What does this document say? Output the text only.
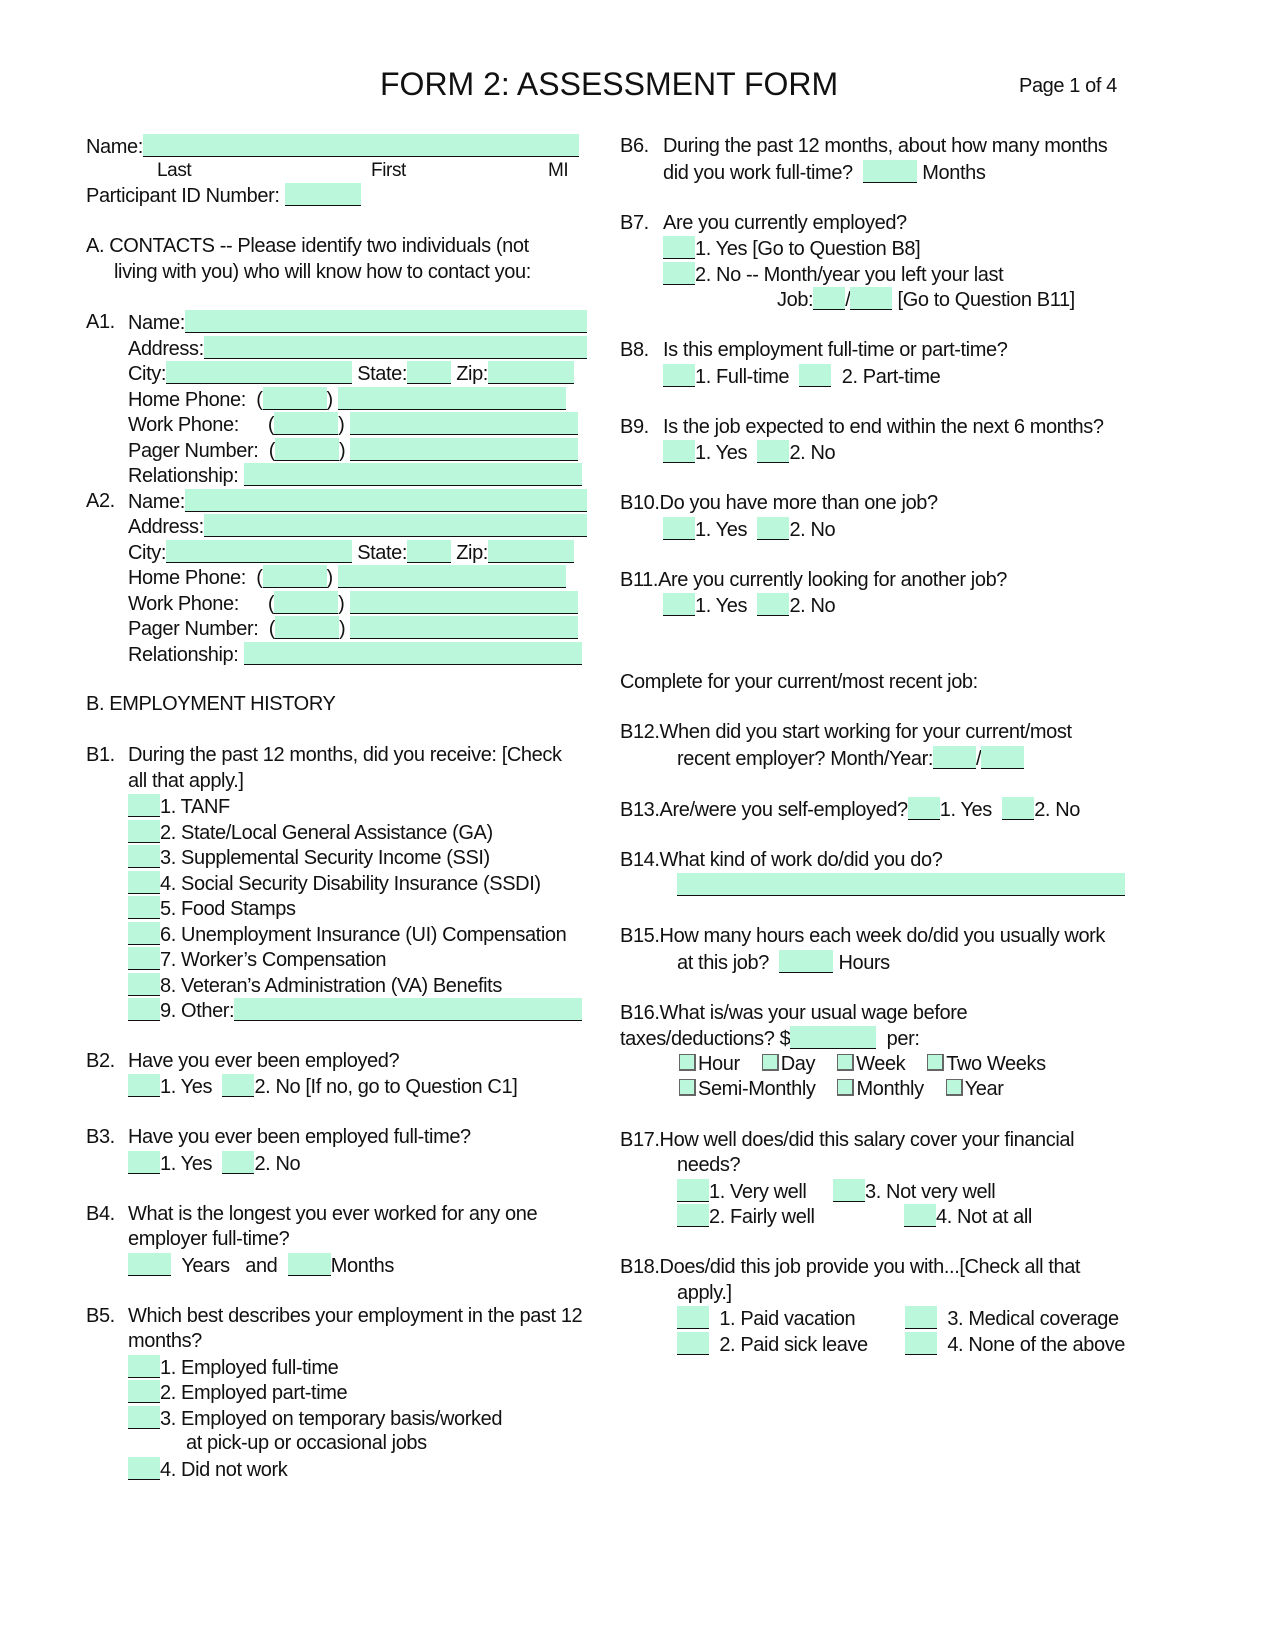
FORM 2: ASSESSMENT FORM	Page 1 of 4
Name:
Last	First	MI
Participant ID Number:
A. CONTACTS -- Please identify two individuals (not
living with you) who will know how to contact you:
A1. Name:
Address:
City:	State: Zip:
Home Phone: (	)
Work Phone: (	)
Pager Number: (	)
Relationship:
A2. Name:
Address:
City:	State: Zip:
Home Phone: (	)
Work Phone: (	)
Pager Number: (	)
Relationship:
B. EMPLOYMENT HISTORY
B1. During the past 12 months, did you receive: [Check
all that apply.]
1. TANF
2. State/Local General Assistance (GA)
3. Supplemental Security Income (SSI)
4. Social Security Disability Insurance (SSDI)
5. Food Stamps
6. Unemployment Insurance (UI) Compensation
7. Worker’s Compensation
8. Veteran’s Administration (VA) Benefits
9. Other:
B2. Have you ever been employed?
1. Yes 2. No [If no, go to Question C1]
B3. Have you ever been employed full-time?
1. Yes 2. No
B4. What is the longest you ever worked for any one
employer full-time?
Years and	Months
B5. Which best describes your employment in the past 12
months?
1. Employed full-time
2. Employed part-time
3. Employed on temporary basis/worked
at pick-up or occasional jobs
4. Did not work
B6. During the past 12 months, about how many months
did you work full-time?	Months
B7. Are you currently employed?
1. Yes [Go to Question B8]
2. No -- Month/year you left your last
Job: / [Go to Question B11]
B8. Is this employment full-time or part-time?
1. Full-time	2. Part-time
B9. Is the job expected to end within the next 6 months?
1. Yes 2. No
B10.Do you have more than one job?
1. Yes 2. No
B11.Are you currently looking for another job?
1. Yes 2. No
Complete for your current/most recent job:
B12.When did you start working for your current/most
recent employer? Month/Year: /
B13.Are/were you self-employed? 1. Yes 2. No
B14.What kind of work do/did you do?
B15.How many hours each week do/did you usually work
at this job?	Hours
B16.What is/was your usual wage before
taxes/deductions? $	per:
Hour Day Week Two Weeks
Semi-Monthly Monthly Year
B17.How well does/did this salary cover your financial
needs?
1. Very well	3. Not very well
2. Fairly well	4. Not at all
B18.Does/did this job provide you with...[Check all that
apply.]
1. Paid vacation	3. Medical coverage
2. Paid sick leave	4. None of the above
